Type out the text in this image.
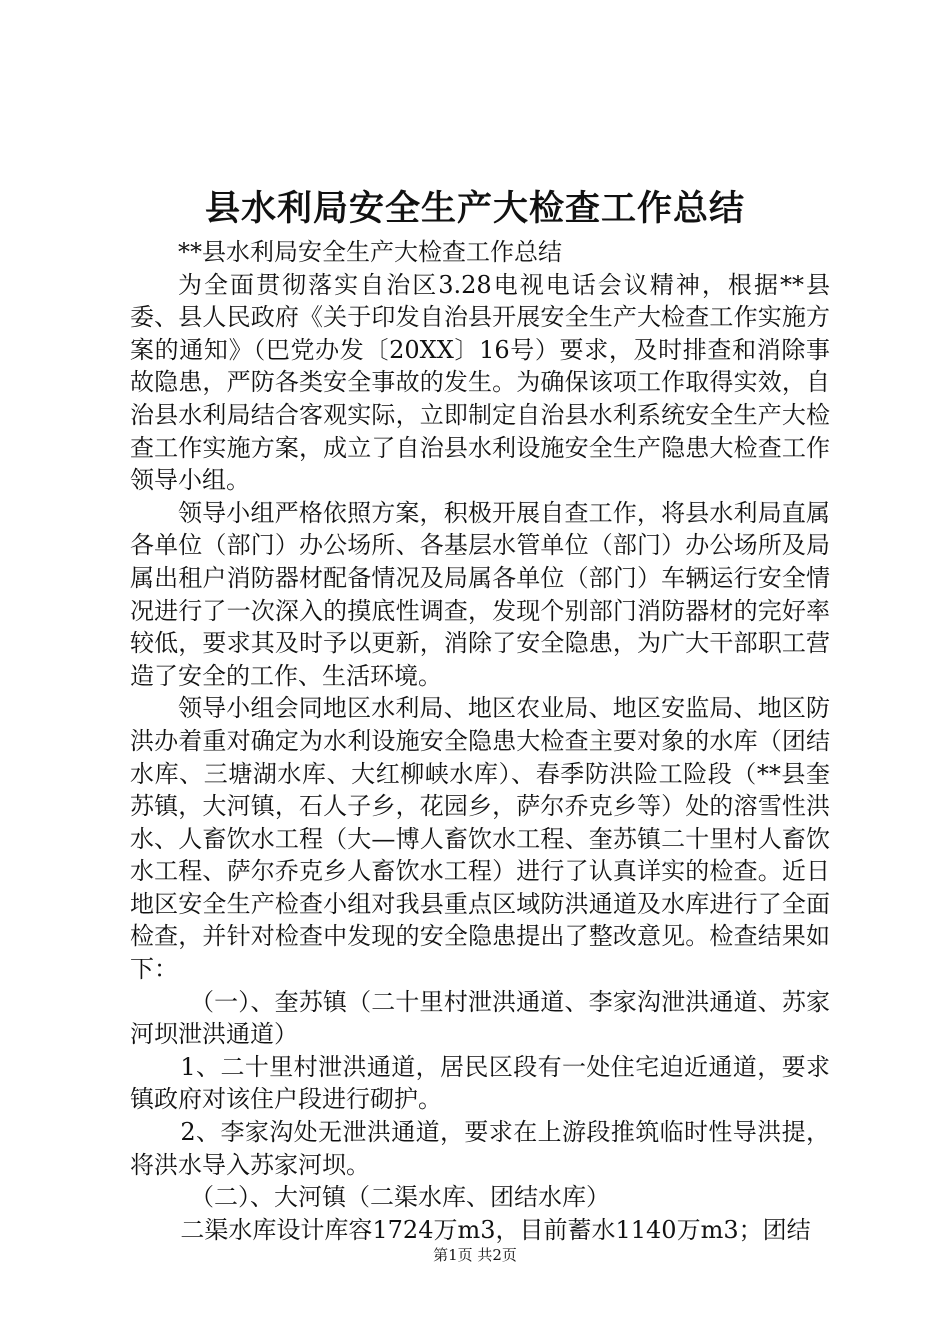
县水利局安全生产大检查工作总结

**县水利局安全生产大检查工作总结

为全面贯彻落实自治区3.28电视电话会议精神，根据**县委、县人民政府《关于印发自治县开展安全生产大检查工作实施方案的通知》（巴党办发〔20XX〕16号）要求，及时排查和消除事故隐患，严防各类安全事故的发生。为确保该项工作取得实效，自治县水利局结合客观实际，立即制定自治县水利系统安全生产大检查工作实施方案，成立了自治县水利设施安全生产隐患大检查工作领导小组。

领导小组严格依照方案，积极开展自查工作，将县水利局直属各单位（部门）办公场所、各基层水管单位（部门）办公场所及局属出租户消防器材配备情况及局属各单位（部门）车辆运行安全情况进行了一次深入的摸底性调查，发现个别部门消防器材的完好率较低，要求其及时予以更新，消除了安全隐患，为广大干部职工营造了安全的工作、生活环境。

领导小组会同地区水利局、地区农业局、地区安监局、地区防洪办着重对确定为水利设施安全隐患大检查主要对象的水库（团结水库、三塘湖水库、大红柳峡水库）、春季防洪险工险段（**县奎苏镇，大河镇，石人子乡，花园乡，萨尔乔克乡等）处的溶雪性洪水、人畜饮水工程（大—博人畜饮水工程、奎苏镇二十里村人畜饮水工程、萨尔乔克乡人畜饮水工程）进行了认真详实的检查。近日地区安全生产检查小组对我县重点区域防洪通道及水库进行了全面检查，并针对检查中发现的安全隐患提出了整改意见。检查结果如下：

（一）、奎苏镇（二十里村泄洪通道、李家沟泄洪通道、苏家河坝泄洪通道）

1、二十里村泄洪通道，居民区段有一处住宅迫近通道，要求镇政府对该住户段进行砌护。

2、李家沟处无泄洪通道，要求在上游段推筑临时性导洪提，将洪水导入苏家河坝。

（二）、大河镇（二渠水库、团结水库）

二渠水库设计库容1724万m3，目前蓄水1140万m3；团结

第1页 共2页
